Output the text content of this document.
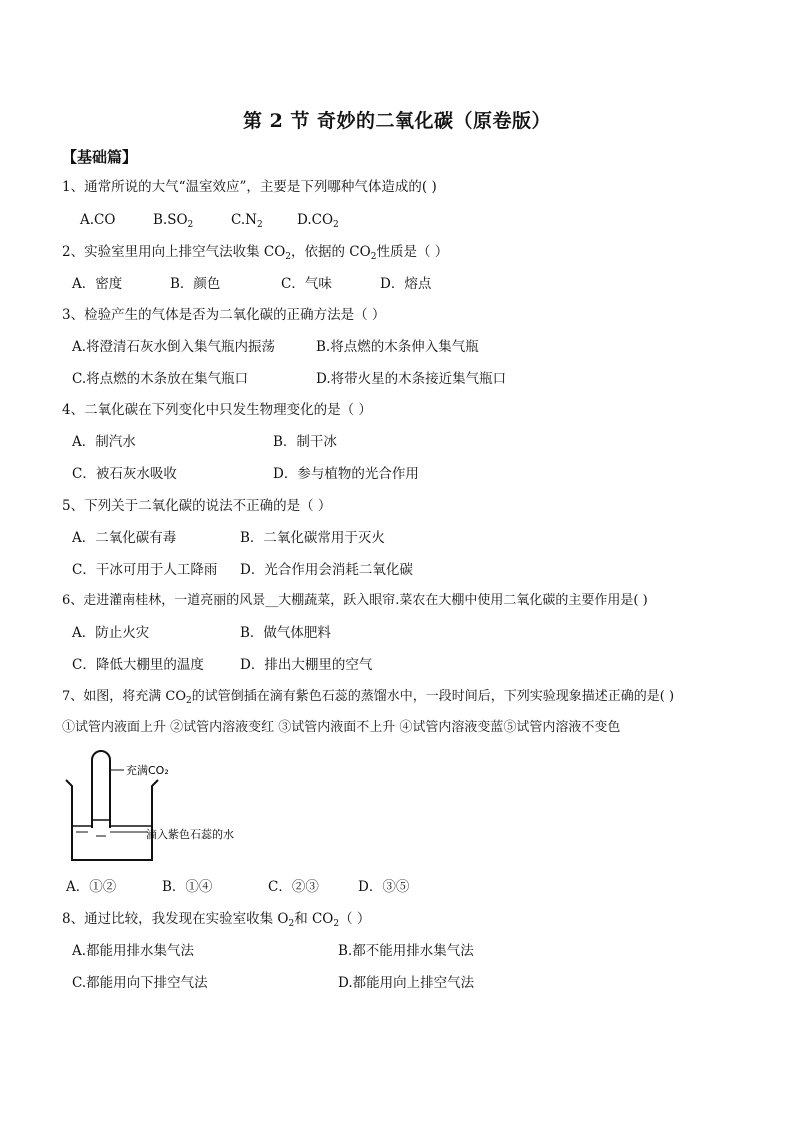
第 2 节 奇妙的二氧化碳（原卷版）
【基础篇】
1、通常所说的大气“温室效应”，主要是下列哪种气体造成的( )
A.CO	$B.SO_2$	$C.N_2$	$D.CO_2$
2、实验室里用向上排空气法收集 $CO_2$，依据的 $CO_2$性质是（ ）
A．密度	B．颜色	C．气味	D．熔点
3、检验产生的气体是否为二氧化碳的正确方法是（ ）
A.将澄清石灰水倒入集气瓶内振荡	B.将点燃的木条伸入集气瓶
C.将点燃的木条放在集气瓶口	D.将带火星的木条接近集气瓶口
4、二氧化碳在下列变化中只发生物理变化的是（ ）
A．制汽水	B．制干冰
C．被石灰水吸收	D．参与植物的光合作用
5、下列关于二氧化碳的说法不正确的是（ ）
A．二氧化碳有毒	B．二氧化碳常用于灭火
C．干冰可用于人工降雨 D．光合作用会消耗二氧化碳
6、走进灌南桂林，一道亮丽的风景__大棚蔬菜，跃入眼帘.菜农在大棚中使用二氧化碳的主要作用是( )
A．防止火灾	B．做气体肥料
C．降低大棚里的温度	D．排出大棚里的空气
7、如图，将充满 $CO_2$的试管倒插在滴有紫色石蕊的蒸馏水中，一段时间后，下列实验现象描述正确的是( )
①试管内液面上升 ②试管内溶液变红 ③试管内液面不上升 ④试管内溶液变蓝⑤试管内溶液不变色
充满CO₂
滴入紫色石蕊的水
A．①②	B．①④	C．②③	D．③⑤
8、通过比较，我发现在实验室收集 $O_2$和 $CO_2$（ ）
A.都能用排水集气法	B.都不能用排水集气法
C.都能用向下排空气法	D.都能用向上排空气法
